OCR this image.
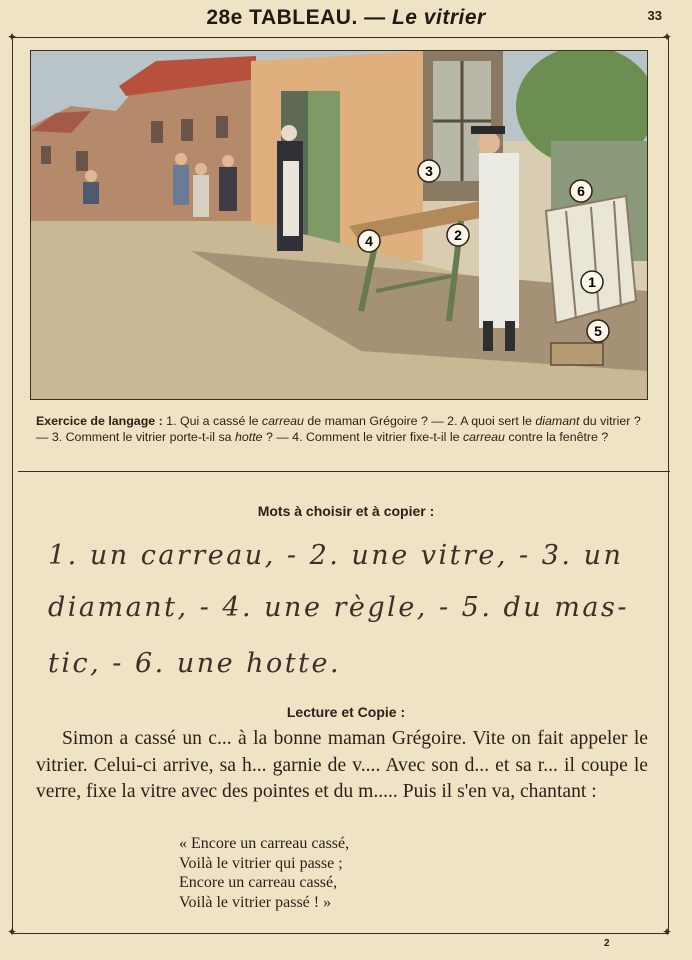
✦	✦
✦	✦
28e TABLEAU. — Le vitrier	33
1
2
3
4
5
6
Exercice de langage : 1. Qui a cassé le carreau de maman Grégoire ? — 2. A quoi sert le diamant du vitrier ? — 3. Comment le vitrier porte-t-il sa hotte ? — 4. Comment le vitrier fixe-t-il le carreau contre la fenêtre ?
Mots à choisir et à copier :
1. un carreau, - 2. une vitre, - 3. un
diamant, - 4. une règle, - 5. du mas-
tic, - 6. une hotte.
Lecture et Copie :

Simon a cassé un c... à la bonne maman Grégoire. Vite on fait appeler le vitrier. Celui-ci arrive, sa h... garnie de v.... Avec son d... et sa r... il coupe le verre, fixe la vitre avec des pointes et du m..... Puis il s'en va, chantant :

« Encore un carreau cassé,
Voilà le vitrier qui passe ;
Encore un carreau cassé,
Voilà le vitrier passé ! »
2
